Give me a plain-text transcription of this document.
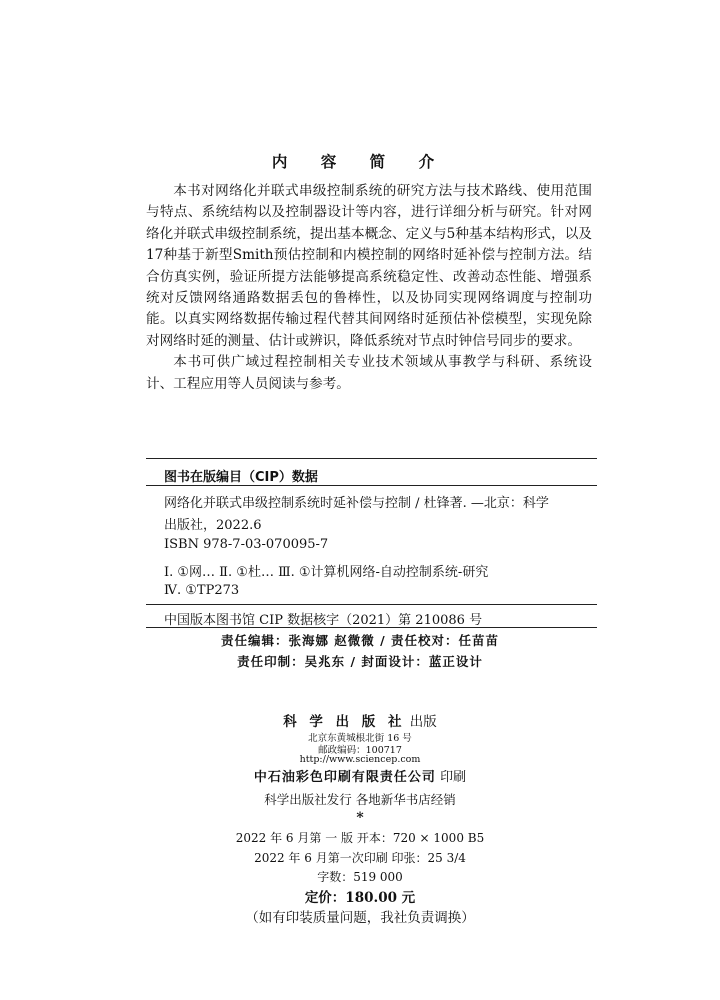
内 容 简 介

本书对网络化并联式串级控制系统的研究方法与技术路线、使用范围与特点、系统结构以及控制器设计等内容，进行详细分析与研究。针对网络化并联式串级控制系统，提出基本概念、定义与5种基本结构形式，以及17种基于新型Smith预估控制和内模控制的网络时延补偿与控制方法。结合仿真实例，验证所提方法能够提高系统稳定性、改善动态性能、增强系统对反馈网络通路数据丢包的鲁棒性，以及协同实现网络调度与控制功能。以真实网络数据传输过程代替其间网络时延预估补偿模型，实现免除对网络时延的测量、估计或辨识，降低系统对节点时钟信号同步的要求。

本书可供广域过程控制相关专业技术领域从事教学与科研、系统设计、工程应用等人员阅读与参考。

图书在版编目（CIP）数据
网络化并联式串级控制系统时延补偿与控制 / 杜锋著. —北京：科学
出版社，2022.6
ISBN 978-7-03-070095-7
Ⅰ. ①网… Ⅱ. ①杜… Ⅲ. ①计算机网络-自动控制系统-研究
Ⅳ. ①TP273
中国版本图书馆 CIP 数据核字（2021）第 210086 号
责任编辑：张海娜 赵微微 / 责任校对：任苗苗
责任印制：吴兆东 / 封面设计：蓝正设计
科 学 出 版 社 出版
北京东黄城根北街 16 号
邮政编码：100717
http://www.sciencep.com
中石油彩色印刷有限责任公司 印刷
科学出版社发行 各地新华书店经销
*
2022 年 6 月第 一 版 开本：720 × 1000 B5
2022 年 6 月第一次印刷 印张：25 3/4
字数：519 000
定价：180.00 元
（如有印装质量问题，我社负责调换）
